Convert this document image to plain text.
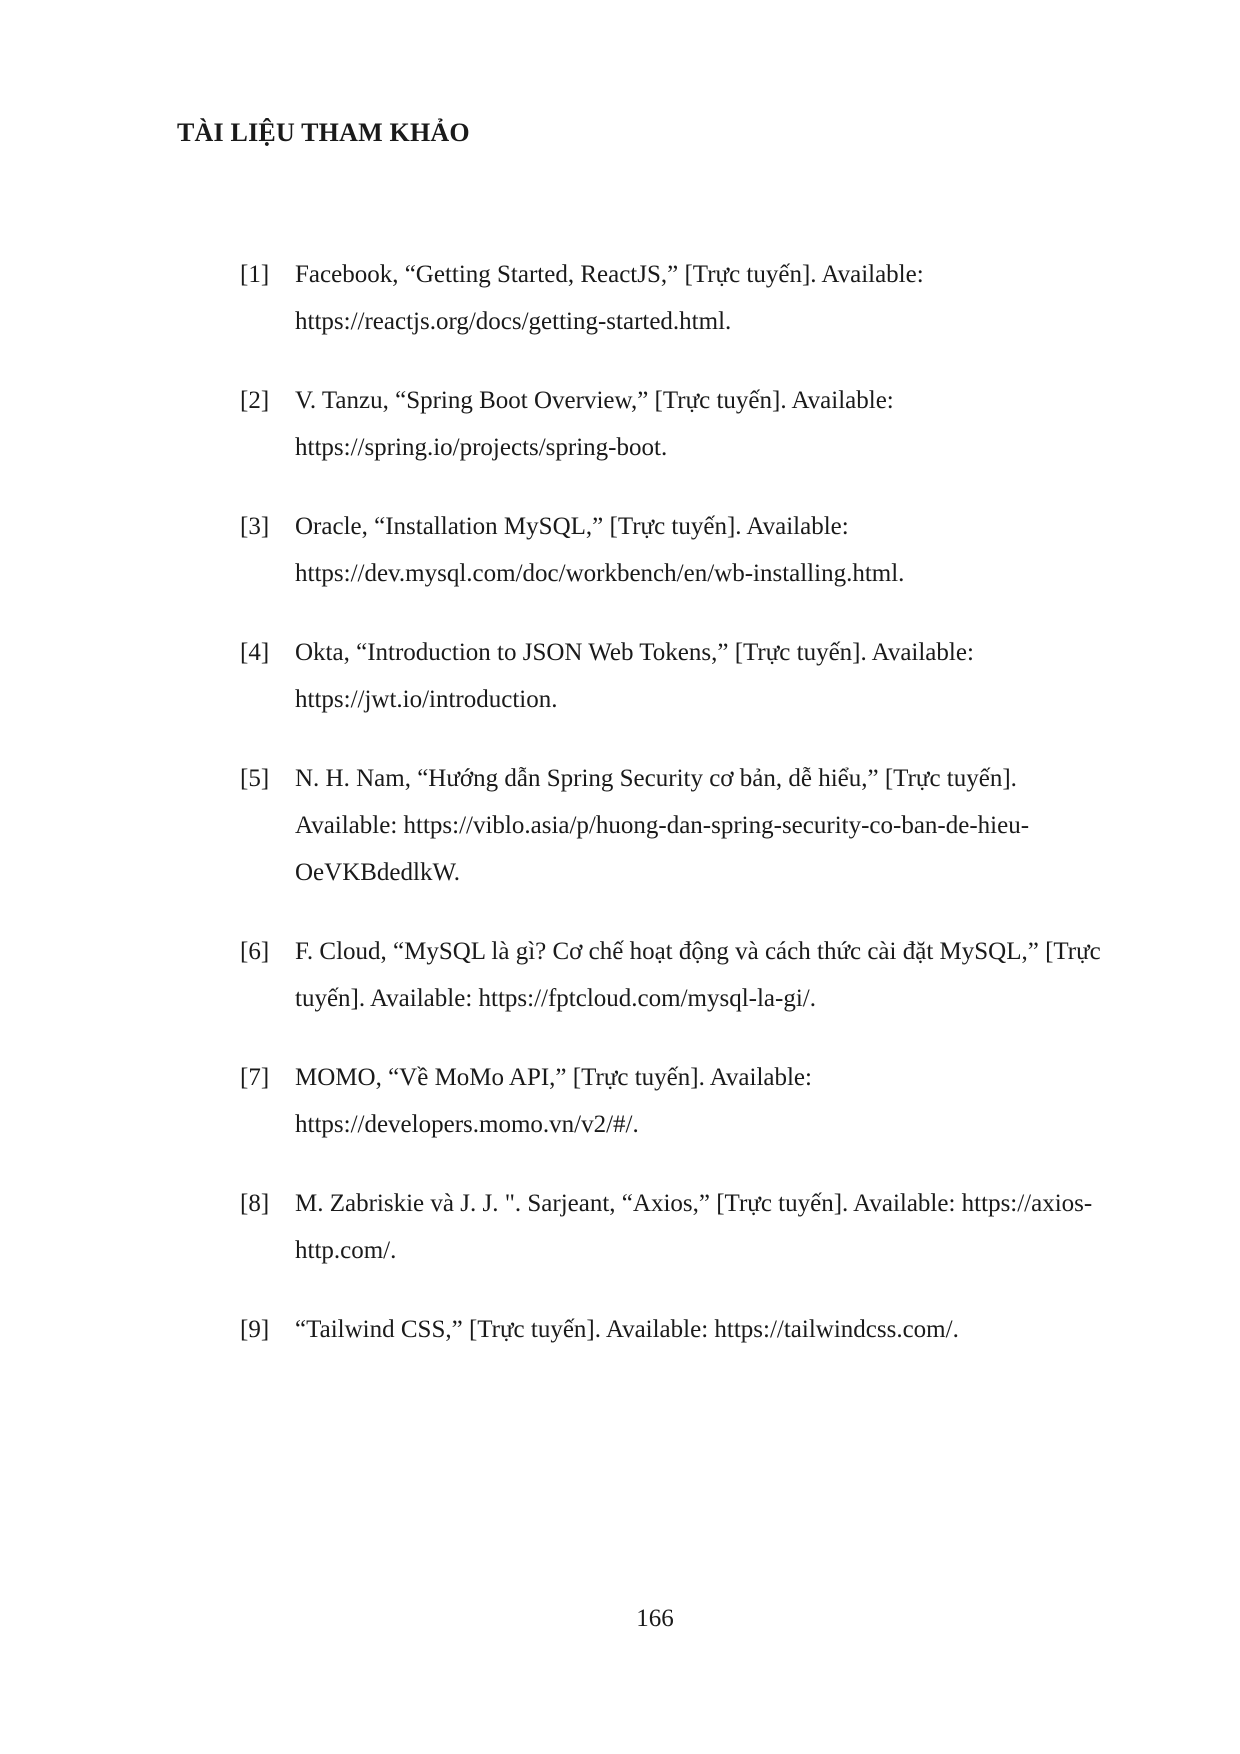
TÀI LIỆU THAM KHẢO
[1]	Facebook, “Getting Started, ReactJS,” [Trực tuyến]. Available: https://reactjs.org/docs/getting-started.html.
[2]	V. Tanzu, “Spring Boot Overview,” [Trực tuyến]. Available: https://spring.io/projects/spring-boot.
[3]	Oracle, “Installation MySQL,” [Trực tuyến]. Available: https://dev.mysql.com/doc/workbench/en/wb-installing.html.
[4]	Okta, “Introduction to JSON Web Tokens,” [Trực tuyến]. Available: https://jwt.io/introduction.
[5]	N. H. Nam, “Hướng dẫn Spring Security cơ bản, dễ hiểu,” [Trực tuyến]. Available: https://viblo.asia/p/huong-dan-spring-security-co-ban-de-hieu-OeVKBdedlkW.
[6]	F. Cloud, “MySQL là gì? Cơ chế hoạt động và cách thức cài đặt MySQL,” [Trực tuyến]. Available: https://fptcloud.com/mysql-la-gi/.
[7]	MOMO, “Về MoMo API,” [Trực tuyến]. Available: https://developers.momo.vn/v2/#/.
[8]	M. Zabriskie và J. J. ". Sarjeant, “Axios,” [Trực tuyến]. Available: https://axios-http.com/.
[9]	“Tailwind CSS,” [Trực tuyến]. Available: https://tailwindcss.com/.
166
